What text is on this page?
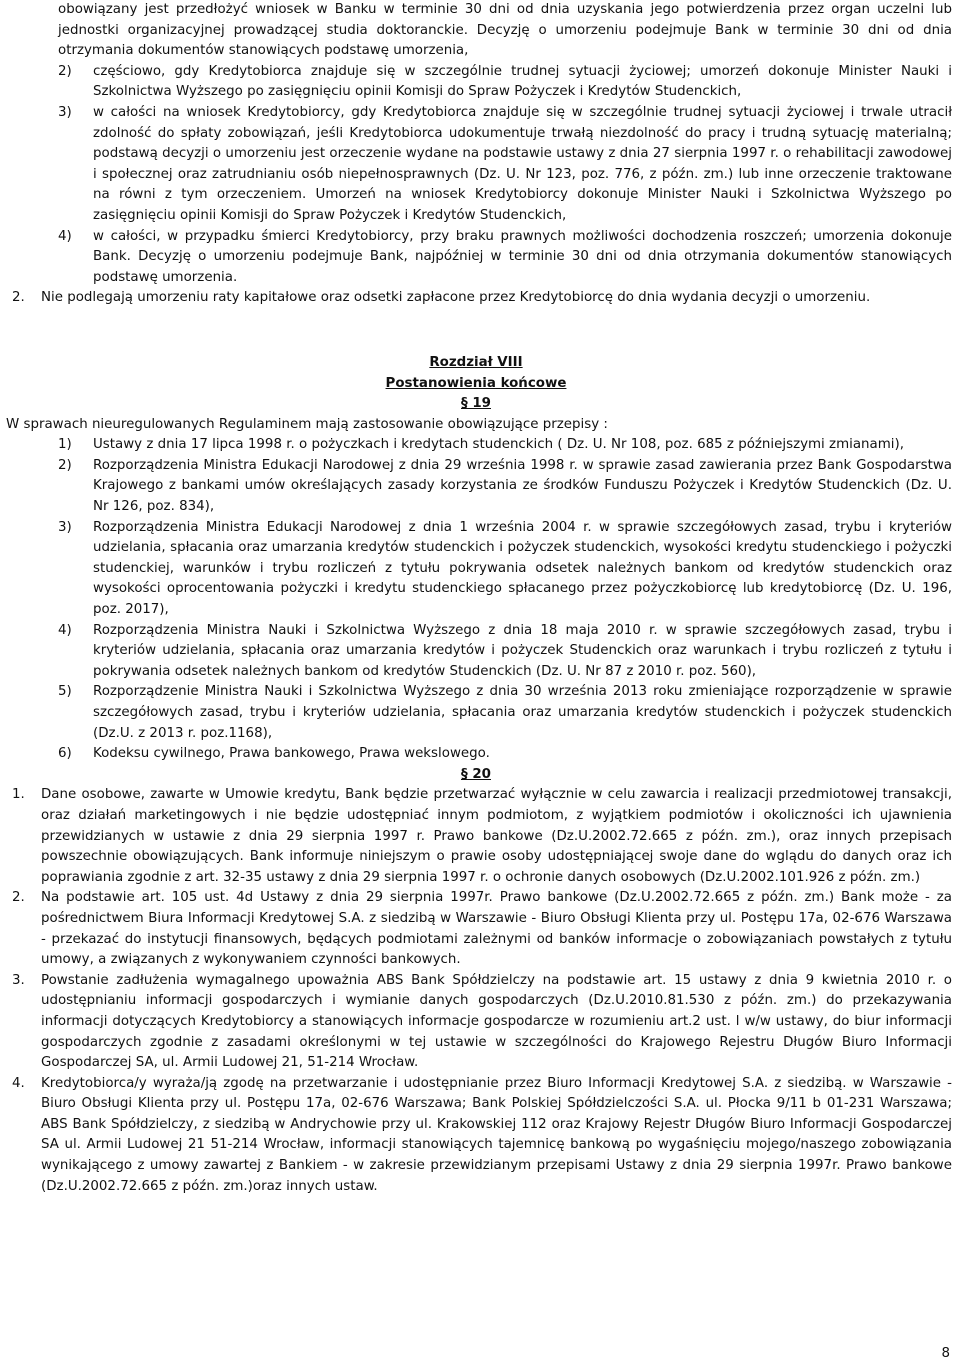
obowiązany jest przedłożyć wniosek w Banku w terminie 30 dni od dnia uzyskania jego potwierdzenia przez organ uczelni lub jednostki organizacyjnej prowadzącej studia doktoranckie. Decyzję o umorzeniu podejmuje Bank w terminie 30 dni od dnia otrzymania dokumentów stanowiących podstawę umorzenia,

2) częściowo, gdy Kredytobiorca znajduje się w szczególnie trudnej sytuacji życiowej; umorzeń dokonuje Minister Nauki i Szkolnictwa Wyższego po zasięgnięciu opinii Komisji do Spraw Pożyczek i Kredytów Studenckich,
3) w całości na wniosek Kredytobiorcy, gdy Kredytobiorca znajduje się w szczególnie trudnej sytuacji życiowej i trwale utracił zdolność do spłaty zobowiązań, jeśli Kredytobiorca udokumentuje trwałą niezdolność do pracy i trudną sytuację materialną; podstawą decyzji o umorzeniu jest orzeczenie wydane na podstawie ustawy z dnia 27 sierpnia 1997 r. o rehabilitacji zawodowej i społecznej oraz zatrudnianiu osób niepełnosprawnych (Dz. U. Nr 123, poz. 776, z późn. zm.) lub inne orzeczenie traktowane na równi z tym orzeczeniem. Umorzeń na wniosek Kredytobiorcy dokonuje Minister Nauki i Szkolnictwa Wyższego po zasięgnięciu opinii Komisji do Spraw Pożyczek i Kredytów Studenckich,
4) w całości, w przypadku śmierci Kredytobiorcy, przy braku prawnych możliwości dochodzenia roszczeń; umorzenia dokonuje Bank. Decyzję o umorzeniu podejmuje Bank, najpóźniej w terminie 30 dni od dnia otrzymania dokumentów stanowiących podstawę umorzenia.
2. Nie podlegają umorzeniu raty kapitałowe oraz odsetki zapłacone przez Kredytobiorcę do dnia wydania decyzji o umorzeniu.
Rozdział VIII
Postanowienia końcowe
§ 19

W sprawach nieuregulowanych Regulaminem mają zastosowanie obowiązujące przepisy :

1) Ustawy z dnia 17 lipca 1998 r. o pożyczkach i kredytach studenckich ( Dz. U. Nr 108, poz. 685 z późniejszymi zmianami),
2) Rozporządzenia Ministra Edukacji Narodowej z dnia 29 września 1998 r. w sprawie zasad zawierania przez Bank Gospodarstwa Krajowego z bankami umów określających zasady korzystania ze środków Funduszu Pożyczek i Kredytów Studenckich (Dz. U. Nr 126, poz. 834),
3) Rozporządzenia Ministra Edukacji Narodowej z dnia 1 września 2004 r. w sprawie szczegółowych zasad, trybu i kryteriów udzielania, spłacania oraz umarzania kredytów studenckich i pożyczek studenckich, wysokości kredytu studenckiego i pożyczki studenckiej, warunków i trybu rozliczeń z tytułu pokrywania odsetek należnych bankom od kredytów studenckich oraz wysokości oprocentowania pożyczki i kredytu studenckiego spłacanego przez pożyczkobiorcę lub kredytobiorcę (Dz. U. 196, poz. 2017),
4) Rozporządzenia Ministra Nauki i Szkolnictwa Wyższego z dnia 18 maja 2010 r. w sprawie szczegółowych zasad, trybu i kryteriów udzielania, spłacania oraz umarzania kredytów i pożyczek Studenckich oraz warunkach i trybu rozliczeń z tytułu i pokrywania odsetek należnych bankom od kredytów Studenckich (Dz. U. Nr 87 z 2010 r. poz. 560),
5) Rozporządzenie Ministra Nauki i Szkolnictwa Wyższego z dnia 30 września 2013 roku zmieniające rozporządzenie w sprawie szczegółowych zasad, trybu i kryteriów udzielania, spłacania oraz umarzania kredytów studenckich i pożyczek studenckich (Dz.U. z 2013 r. poz.1168),
6) Kodeksu cywilnego, Prawa bankowego, Prawa wekslowego.
§ 20
1. Dane osobowe, zawarte w Umowie kredytu, Bank będzie przetwarzać wyłącznie w celu zawarcia i realizacji przedmiotowej transakcji, oraz działań marketingowych i nie będzie udostępniać innym podmiotom, z wyjątkiem podmiotów i okoliczności ich ujawnienia przewidzianych w ustawie z dnia 29 sierpnia 1997 r. Prawo bankowe (Dz.U.2002.72.665 z późn. zm.), oraz innych przepisach powszechnie obowiązujących. Bank informuje niniejszym o prawie osoby udostępniającej swoje dane do wglądu do danych oraz ich poprawiania zgodnie z art. 32-35 ustawy z dnia 29 sierpnia 1997 r. o ochronie danych osobowych (Dz.U.2002.101.926 z późn. zm.)
2. Na podstawie art. 105 ust. 4d Ustawy z dnia 29 sierpnia 1997r. Prawo bankowe (Dz.U.2002.72.665 z późn. zm.) Bank może - za pośrednictwem Biura Informacji Kredytowej S.A. z siedzibą w Warszawie - Biuro Obsługi Klienta przy ul. Postępu 17a, 02-676 Warszawa - przekazać do instytucji finansowych, będących podmiotami zależnymi od banków informacje o zobowiązaniach powstałych z tytułu umowy, a związanych z wykonywaniem czynności bankowych.
3. Powstanie zadłużenia wymagalnego upoważnia ABS Bank Spółdzielczy na podstawie art. 15 ustawy z dnia 9 kwietnia 2010 r. o udostępnianiu informacji gospodarczych i wymianie danych gospodarczych (Dz.U.2010.81.530 z późn. zm.) do przekazywania informacji dotyczących Kredytobiorcy a stanowiących informacje gospodarcze w rozumieniu art.2 ust. l w/w ustawy, do biur informacji gospodarczych zgodnie z zasadami określonymi w tej ustawie w szczególności do Krajowego Rejestru Długów Biuro Informacji Gospodarczej SA, ul. Armii Ludowej 21, 51-214 Wrocław.
4. Kredytobiorca/y wyraża/ją zgodę na przetwarzanie i udostępnianie przez Biuro Informacji Kredytowej S.A. z siedzibą. w Warszawie - Biuro Obsługi Klienta przy ul. Postępu 17a, 02-676 Warszawa; Bank Polskiej Spółdzielczości S.A. ul. Płocka 9/11 b 01-231 Warszawa; ABS Bank Spółdzielczy, z siedzibą w Andrychowie przy ul. Krakowskiej 112 oraz Krajowy Rejestr Długów Biuro Informacji Gospodarczej SA ul. Armii Ludowej 21 51-214 Wrocław, informacji stanowiących tajemnicę bankową po wygaśnięciu mojego/naszego zobowiązania wynikającego z umowy zawartej z Bankiem - w zakresie przewidzianym przepisami Ustawy z dnia 29 sierpnia 1997r. Prawo bankowe (Dz.U.2002.72.665 z późn. zm.)oraz innych ustaw.
8
